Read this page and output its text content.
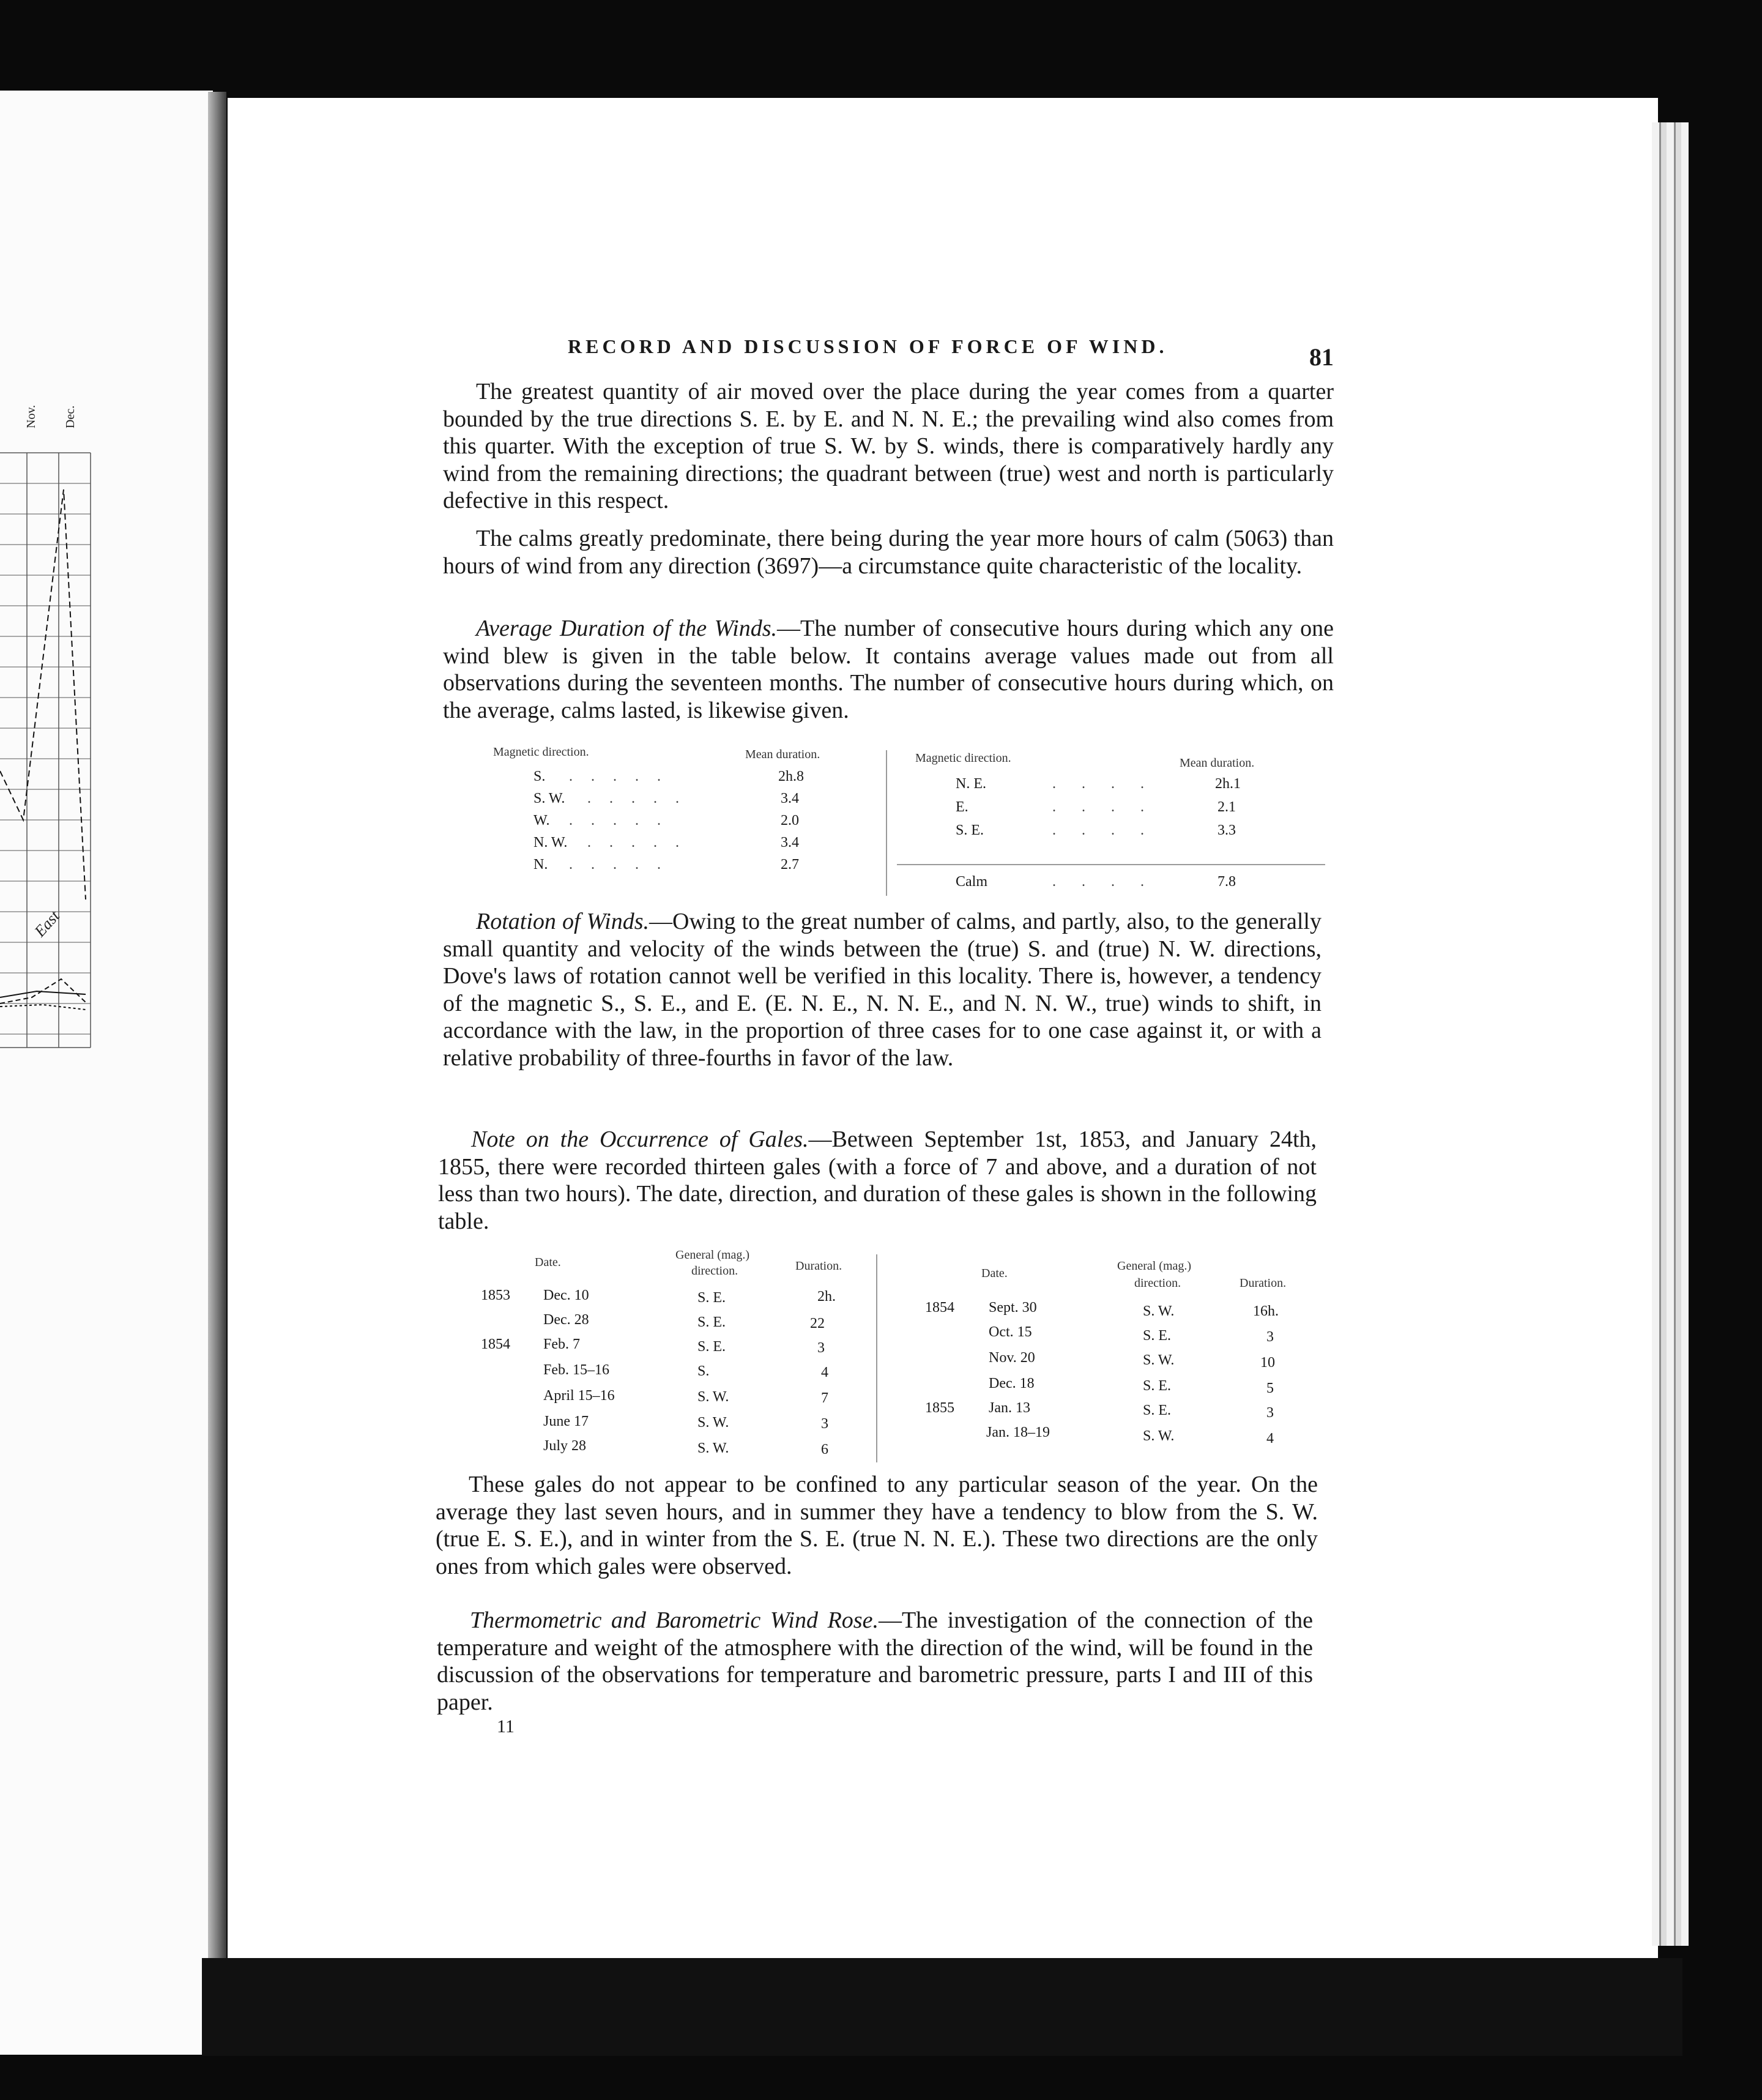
Nov. Dec.
East
RECORD AND DISCUSSION OF FORCE OF WIND.	81

The greatest quantity of air moved over the place during the year comes from a quarter bounded by the true directions S. E. by E. and N. N. E.; the prevailing wind also comes from this quarter. With the exception of true S. W. by S. winds, there is comparatively hardly any wind from the remaining directions; the quadrant between (true) west and north is particularly defective in this respect.

The calms greatly predominate, there being during the year more hours of calm (5063) than hours of wind from any direction (3697)—a circumstance quite characteristic of the locality.

Average Duration of the Winds.—The number of consecutive hours during which any one wind blew is given in the table below. It contains average values made out from all observations during the seventeen months. The number of consecutive hours during which, on the average, calms lasted, is likewise given.

Magnetic direction.	Mean duration.	Magnetic direction.	Mean duration.
S. .     .     .     .     .	2h.8
S. W. .     .     .     .     .	3.4
W. .     .     .     .     .	2.0
N. W. .     .     .     .     .	3.4
N. .     .     .     .     .	2.7
N. E.	.       .       .       .	2h.1
E.	.       .       .       .	2.1
S. E.	.       .       .       .	3.3
Calm	.       .       .       .	7.8

Rotation of Winds.—Owing to the great number of calms, and partly, also, to the generally small quantity and velocity of the winds between the (true) S. and (true) N. W. directions, Dove's laws of rotation cannot well be verified in this locality. There is, however, a tendency of the magnetic S., S. E., and E. (E. N. E., N. N. E., and N. N. W., true) winds to shift, in accordance with the law, in the proportion of three cases for to one case against it, or with a relative probability of three-fourths in favor of the law.

Note on the Occurrence of Gales.—Between September 1st, 1853, and January 24th, 1855, there were recorded thirteen gales (with a force of 7 and above, and a duration of not less than two hours). The date, direction, and duration of these gales is shown in the following table.

Date.
General (mag.)
direction.	Duration.
Date.
General (mag.)
direction.	Duration.
1853 Dec. 10	S. E.	2h.
Dec. 28	S. E.	22
1854 Feb. 7	S. E.	3
Feb. 15–16	S.	4
April 15–16	S. W.	7
June 17	S. W.	3
July 28	S. W.	6
1854 Sept. 30	S. W.	16h.
Oct. 15	S. E.	3
Nov. 20	S. W.	10
Dec. 18	S. E.	5
1855 Jan. 13	S. E.	3
Jan. 18–19	S. W.	4

These gales do not appear to be confined to any particular season of the year. On the average they last seven hours, and in summer they have a tendency to blow from the S. W. (true E. S. E.), and in winter from the S. E. (true N. N. E.). These two directions are the only ones from which gales were observed.

Thermometric and Barometric Wind Rose.—The investigation of the connection of the temperature and weight of the atmosphere with the direction of the wind, will be found in the discussion of the observations for temperature and barometric pressure, parts I and III of this paper.

11
